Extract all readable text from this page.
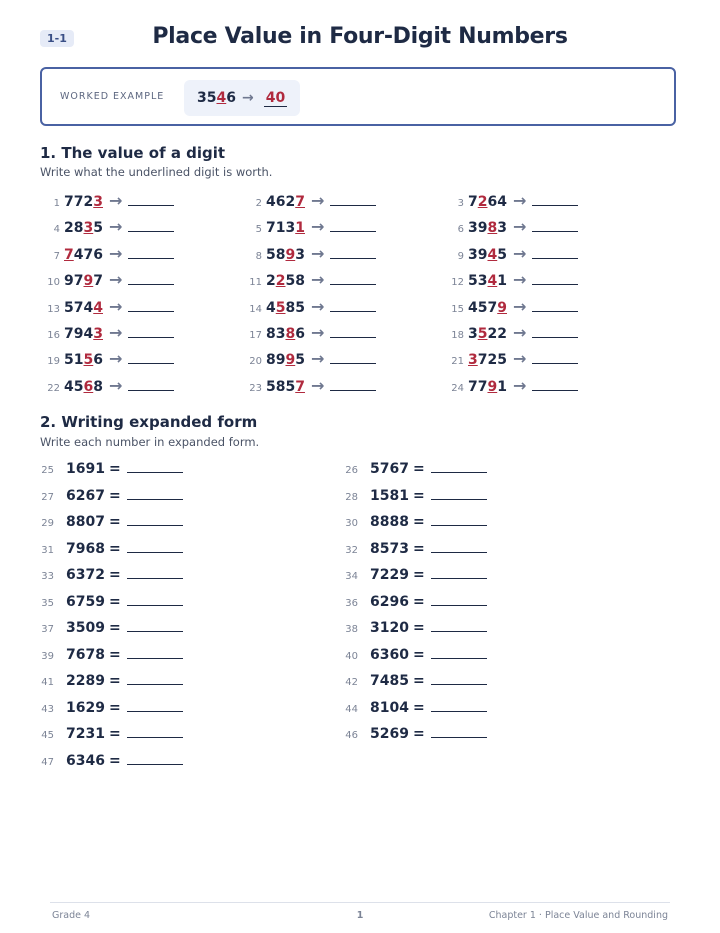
1-1	Place Value in Four-Digit Numbers
WORKED EXAMPLE 35 4 6 → 40
1. The value of a digit
Write what the underlined digit is worth.
1 7723 →	2 4627 →	3 7264 →
4 2835 →	5 7131 →	6 3983 →
7 7476 →	8 5893 →	9 3945 →
10 9797 →	11 2258 →	12 5341 →
13 5744 →	14 4585 →	15 4579 →
16 7943 →	17 8386 →	18 3522 →
19 5156 →	20 8995 →	21 3725 →
22 4568 →	23 5857 →	24 7791 →
2. Writing expanded form
Write each number in expanded form.
25 1691 =	26 5767 =
27 6267 =	28 1581 =
29 8807 =	30 8888 =
31 7968 =	32 8573 =
33 6372 =	34 7229 =
35 6759 =	36 6296 =
37 3509 =	38 3120 =
39 7678 =	40 6360 =
41 2289 =	42 7485 =
43 1629 =	44 8104 =
45 7231 =	46 5269 =
47 6346 =
Grade 4	1	Chapter 1 · Place Value and Rounding
